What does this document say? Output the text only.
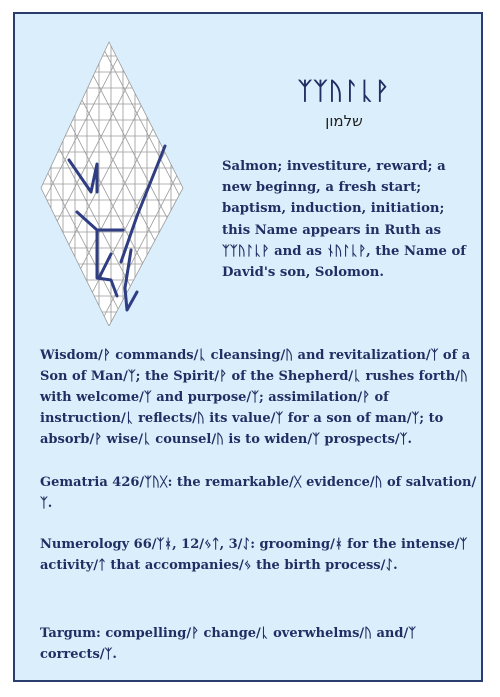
ᛉᛉᚢᛚᚳᚹ
שלמון
Salmon; investiture, reward; a new beginng, a fresh start; baptism, induction, initiation; this Name appears in Ruth as ᛉᛉᚢᛚᚳᚹ and as ᚾᚢᛚᚳᚹ, the Name of David's son, Solomon.
Wisdom/ᚹ commands/ᚳ cleansing/ᚢ and revitalization/ᛉ of a Son of Man/ᛉ; the Spirit/ᚹ of the Shepherd/ᚳ rushes forth/ᚢ with welcome/ᛉ and purpose/ᛉ; assimilation/ᚹ of instruction/ᚳ reflects/ᚢ its value/ᛉ for a son of man/ᛉ; to absorb/ᚹ wise/ᚳ counsel/ᚢ is to widen/ᛉ prospects/ᛉ.
Gematria 426/ᛉᚢᚷ: the remarkable/ᚷ evidence/ᚢ of salvation/ᛉ.
Numerology 66/ᛉᚼ, 12/ᛃᛏ, 3/ᛇ: grooming/ᚼ for the intense/ᛉ activity/ᛏ that accompanies/ᛃ the birth process/ᛇ.
Targum: compelling/ᚹ change/ᚳ overwhelms/ᚢ and/ᛉ corrects/ᛉ.
